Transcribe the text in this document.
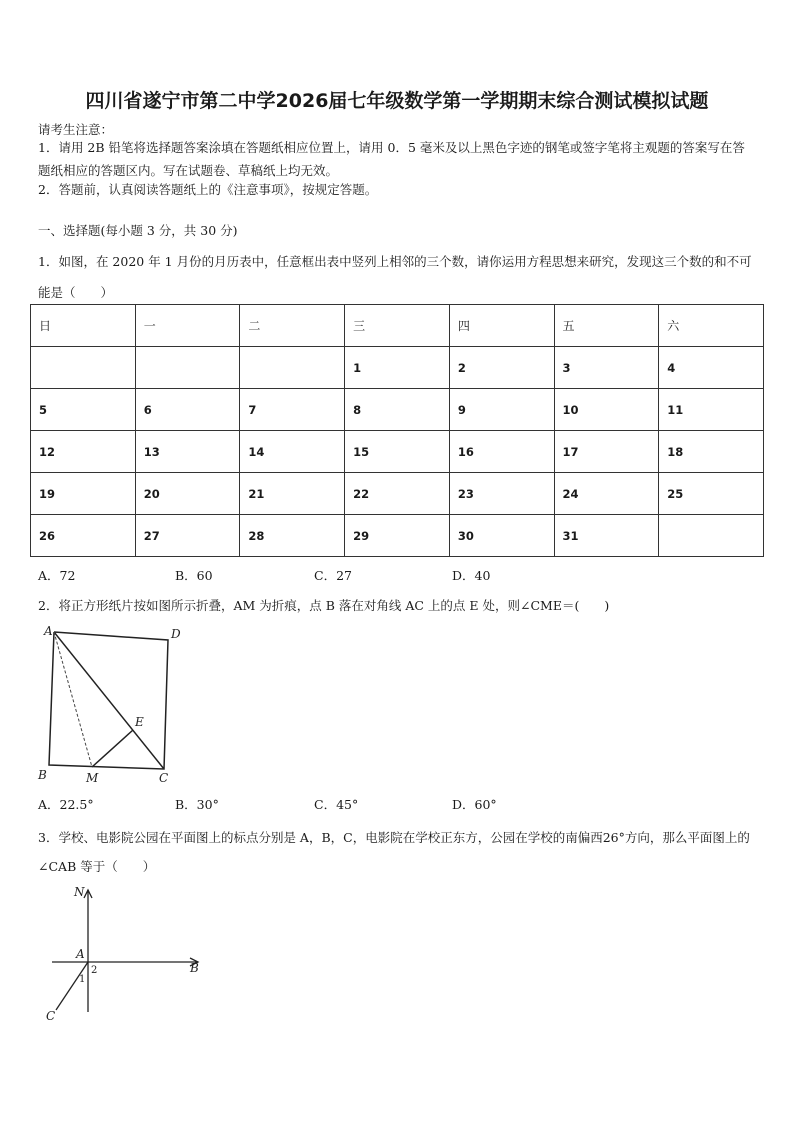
四川省遂宁市第二中学2026届七年级数学第一学期期末综合测试模拟试题
请考生注意：
1．请用 2B 铅笔将选择题答案涂填在答题纸相应位置上，请用 0．5 毫米及以上黑色字迹的钢笔或签字笔将主观题的答案写在答题纸相应的答题区内。写在试题卷、草稿纸上均无效。
2．答题前，认真阅读答题纸上的《注意事项》，按规定答题。
一、选择题(每小题 3 分，共 30 分)
1．如图，在 2020 年 1 月份的月历表中，任意框出表中竖列上相邻的三个数，请你运用方程思想来研究，发现这三个数的和不可能是（　　）
日	一	二	三	四	五	六
			1	2	3	4
5	6	7	8	9	10	11
12	13	14	15	16	17	18
19	20	21	22	23	24	25
26	27	28	29	30	31	
A．72	B．60	C．27	D．40
2．将正方形纸片按如图所示折叠，AM 为折痕，点 B 落在对角线 AC 上的点 E 处，则∠CME＝(　　)
A	D
B	M	C
E
A．22.5°	B．30°	C．45°	D．60°
3．学校、电影院公园在平面图上的标点分别是 A，B，C，电影院在学校正东方，公园在学校的南偏西26°方向，那么平面图上的∠CAB 等于（　　）
N
A
B
C
1
2
